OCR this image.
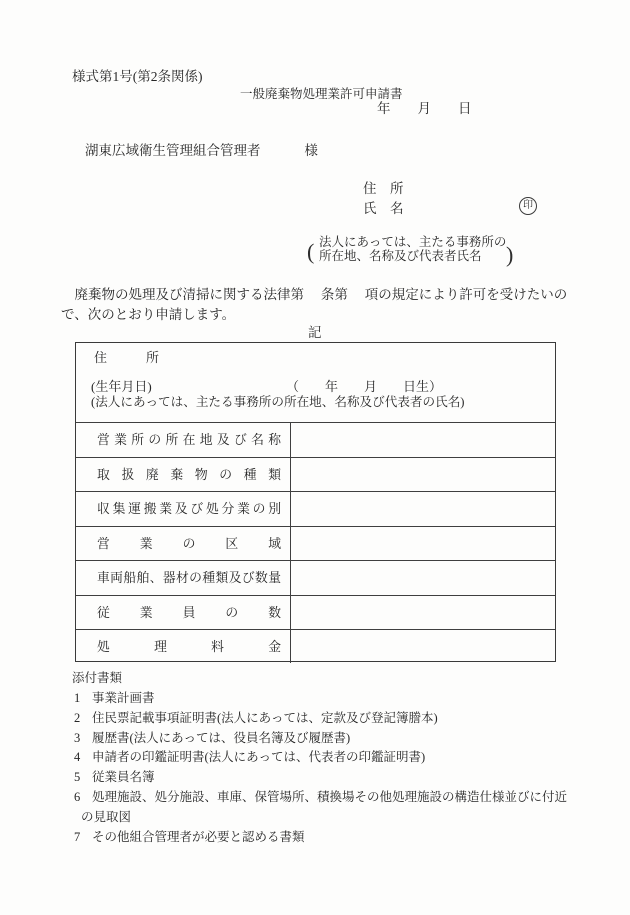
様式第1号(第2条関係)
一般廃棄物処理業許可申請書
年　　月　　日
湖東広域衛生管理組合管理者　　　 様
住　所
氏　名	印
( 法人にあっては、主たる事務所の
所在地、名称及び代表者氏名 )
　廃棄物の処理及び清掃に関する法律第　 条第　 項の規定により許可を受けたいの
で、次のとおり申請します。
記
住　　　所
(生年月日)	（　　年　　月　　日生）
(法人にあっては、主たる事務所の所在地、名称及び代表者の氏名)
営業所の所在地及び名称
取扱廃棄物の種類
収集運搬業及び処分業の別
営業の区域
車両船舶、器材の種類及び数量
従業員の数
処理料金
添付書類
1 事業計画書
2 住民票記載事項証明書(法人にあっては、定款及び登記簿謄本)
3 履歴書(法人にあっては、役員名簿及び履歴書)
4 申請者の印鑑証明書(法人にあっては、代表者の印鑑証明書)
5 従業員名簿
6 処理施設、処分施設、車庫、保管場所、積換場その他処理施設の構造仕様並びに付近
の見取図
7 その他組合管理者が必要と認める書類
